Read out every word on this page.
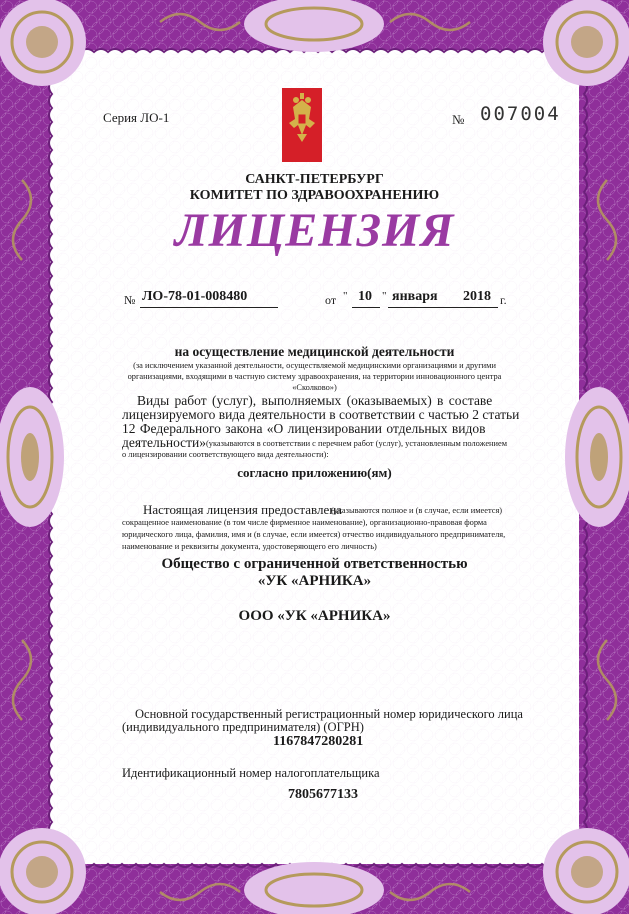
Серия ЛО-1	№ 007004
САНКТ-ПЕТЕРБУРГ
КОМИТЕТ ПО ЗДРАВООХРАНЕНИЮ
ЛИЦЕНЗИЯ
№ ЛО-78-01-008480	от " 10 " января 2018 г.
на осуществление медицинской деятельности
(за исключением указанной деятельности, осуществляемой медицинскими организациями и другими
организациями, входящими в частную систему здравоохранения, на территории инновационного центра
«Сколково»)
Виды работ (услуг), выполняемых (оказываемых) в составе
лицензируемого вида деятельности в соответствии с частью 2 статьи
12 Федерального закона «О лицензировании отдельных видов
деятельности» (указываются в соответствии с перечнем работ (услуг), установленным положением
о лицензировании соответствующего вида деятельности):
согласно приложению(ям)
Настоящая лицензия предоставлена
(указываются полное и (в случае, если имеется)
сокращенное наименование (в том числе фирменное наименование), организационно-правовая форма
юридического лица, фамилия, имя и (в случае, если имеется) отчество индивидуального предпринимателя,
наименование и реквизиты документа, удостоверяющего его личность)
Общество с ограниченной ответственностью
«УК «АРНИКА»
ООО «УК «АРНИКА»
Основной государственный регистрационный номер юридического лица
(индивидуального предпринимателя) (ОГРН)
1167847280281
Идентификационный номер налогоплательщика
7805677133
